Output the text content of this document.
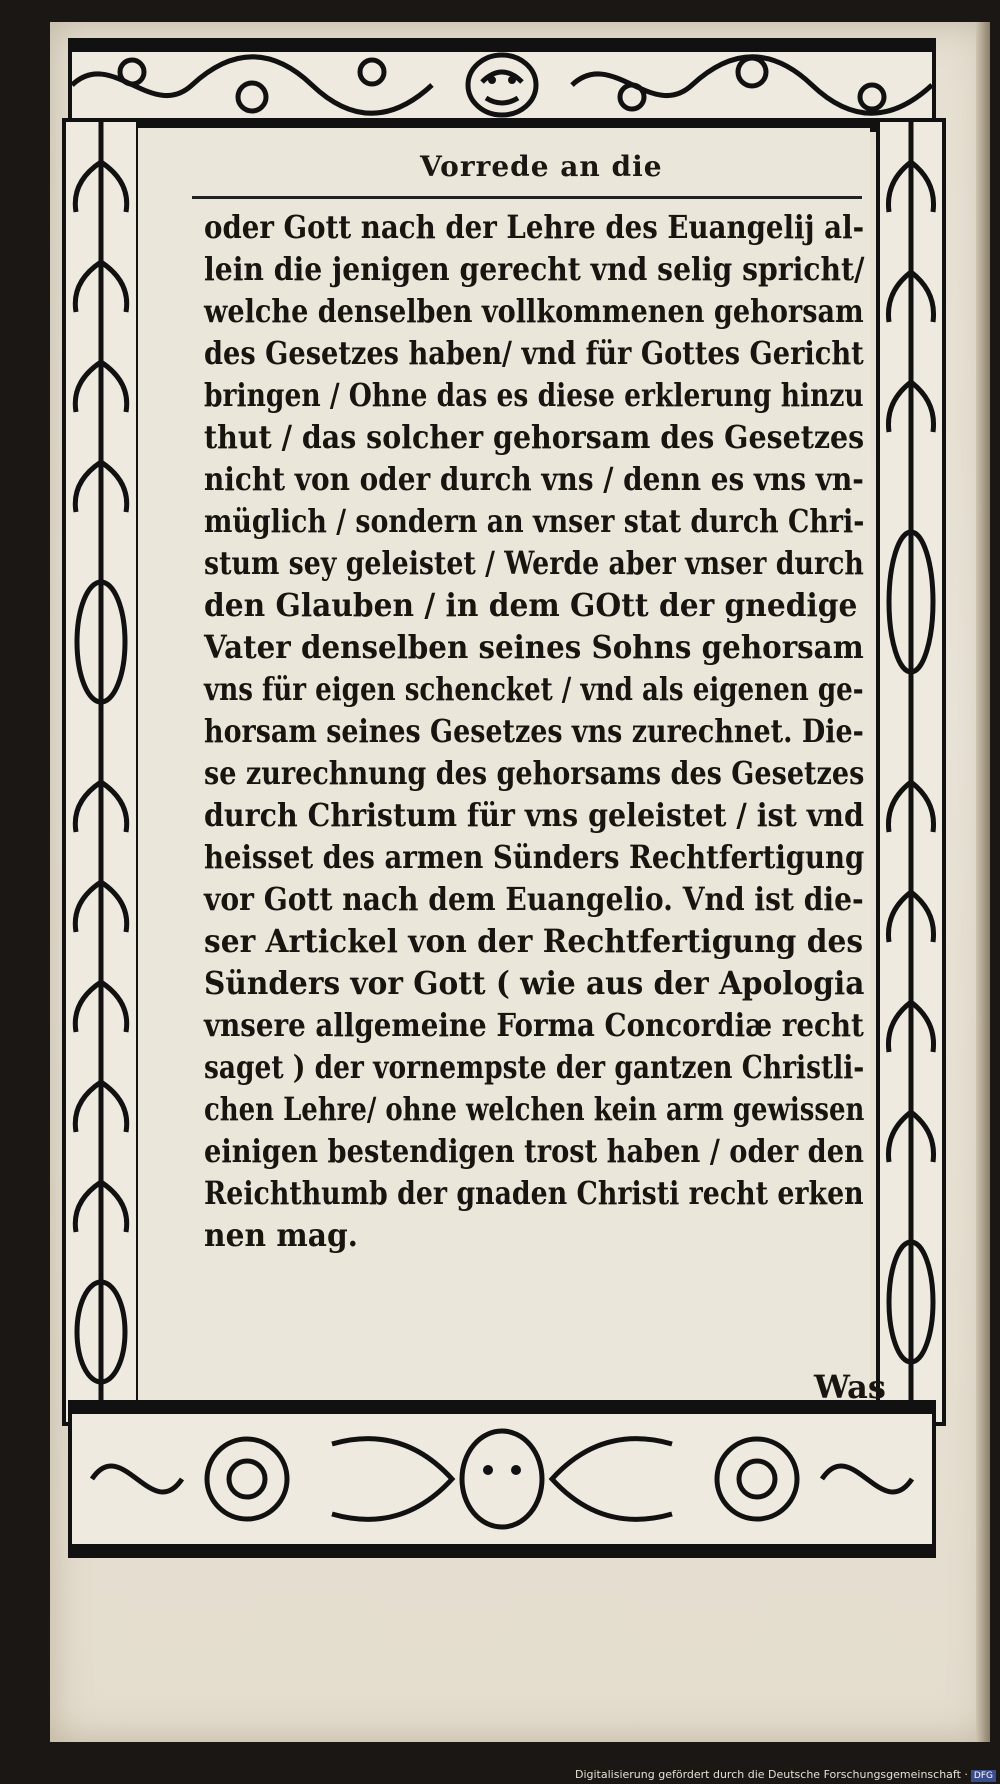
Vorrede an die
oder Gott nach der Lehre des Euangelij al-
lein die jenigen gerecht vnd selig spricht/
welche denselben vollkommenen gehorsam
des Gesetzes haben/ vnd für Gottes Gericht
bringen / Ohne das es diese erklerung hinzu
thut / das solcher gehorsam des Gesetzes
nicht von oder durch vns / denn es vns vn-
müglich / sondern an vnser stat durch Chri-
stum sey geleistet / Werde aber vnser durch
den Glauben / in dem GOtt der gnedige
Vater denselben seines Sohns gehorsam
vns für eigen schencket / vnd als eigenen ge-
horsam seines Gesetzes vns zurechnet. Die-
se zurechnung des gehorsams des Gesetzes
durch Christum für vns geleistet / ist vnd
heisset des armen Sünders Rechtfertigung
vor Gott nach dem Euangelio. Vnd ist die-
ser Artickel von der Rechtfertigung des
Sünders vor Gott ( wie aus der Apologia
vnsere allgemeine Forma Concordiæ recht
saget ) der vornempste der gantzen Christli-
chen Lehre/ ohne welchen kein arm gewissen
einigen bestendigen trost haben / oder den
Reichthumb der gnaden Christi recht erken
nen mag.
Was
Digitalisierung gefördert durch die Deutsche Forschungsgemeinschaft · DFG
